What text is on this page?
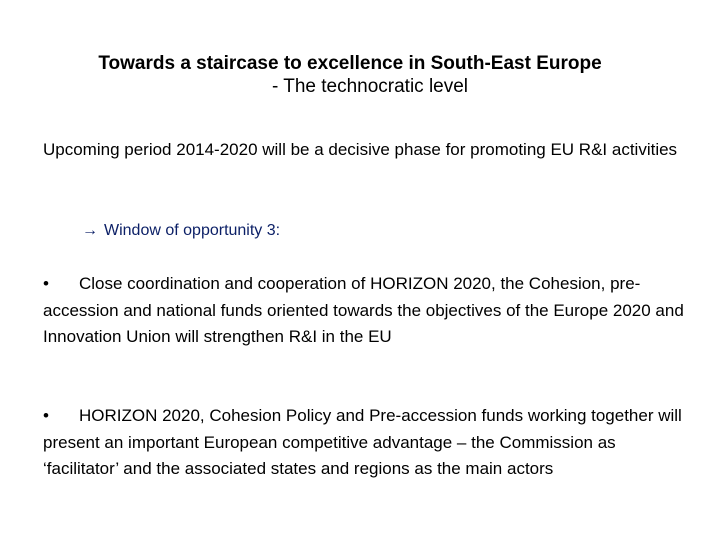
Towards a staircase to excellence in South-East Europe
- The technocratic level
Upcoming period 2014-2020 will be a decisive phase for promoting EU R&I activities
→ Window of opportunity 3:
• Close coordination and cooperation of HORIZON 2020, the Cohesion, pre-accession and national funds oriented towards the objectives of the Europe 2020 and Innovation Union will strengthen R&I in the EU
• HORIZON 2020, Cohesion Policy and Pre-accession funds working together will present an important European competitive advantage – the Commission as ‘facilitator’ and the associated states and regions as the main actors
